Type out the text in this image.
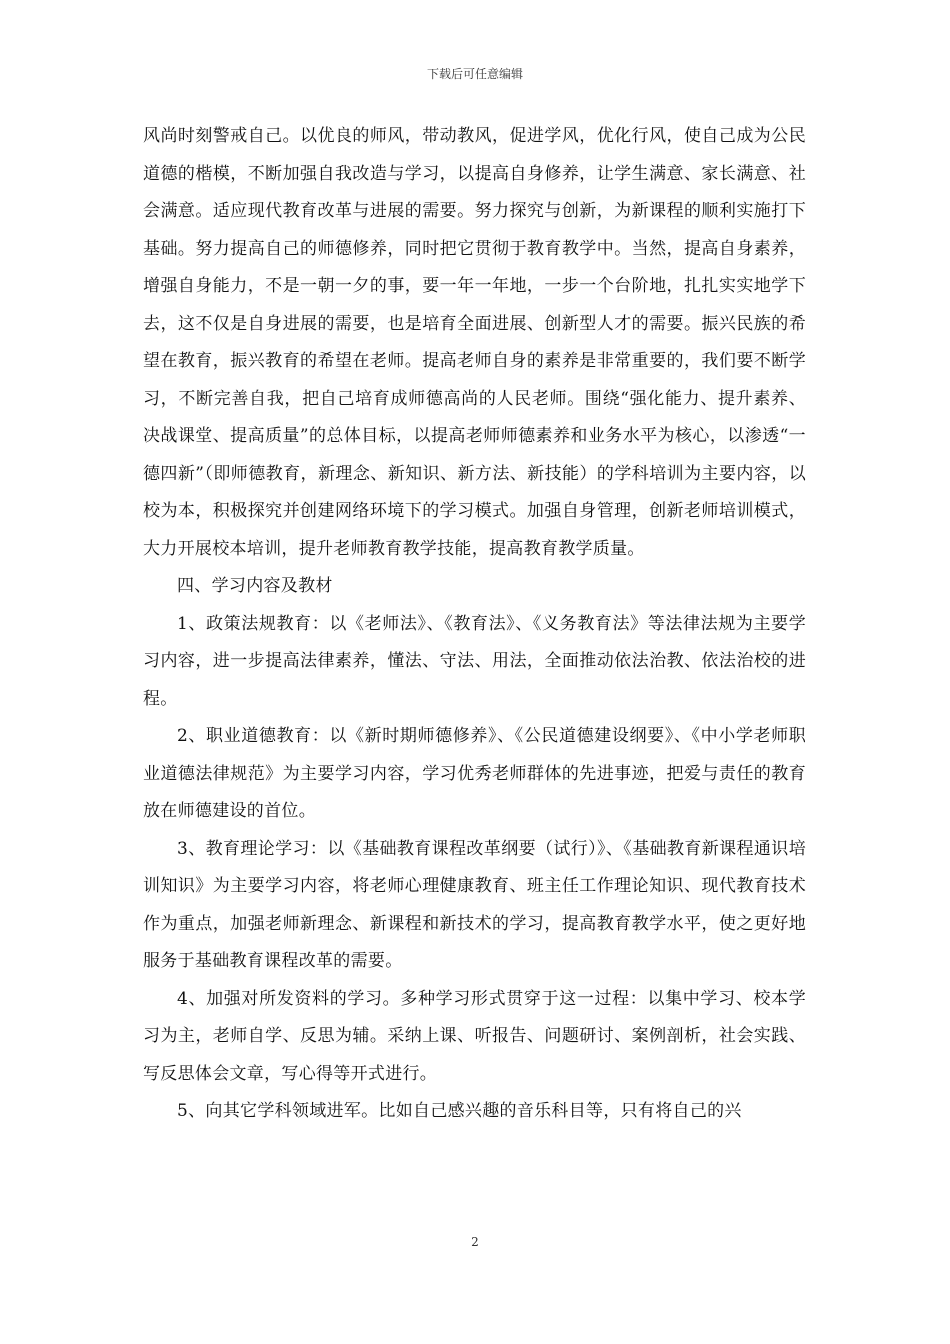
下载后可任意编辑

风尚时刻警戒自己。以优良的师风，带动教风，促进学风，优化行风，使自己成为公民道德的楷模，不断加强自我改造与学习，以提高自身修养，让学生满意、家长满意、社会满意。适应现代教育改革与进展的需要。努力探究与创新，为新课程的顺利实施打下基础。努力提高自己的师德修养，同时把它贯彻于教育教学中。当然，提高自身素养，增强自身能力，不是一朝一夕的事，要一年一年地，一步一个台阶地，扎扎实实地学下去，这不仅是自身进展的需要，也是培育全面进展、创新型人才的需要。振兴民族的希望在教育，振兴教育的希望在老师。提高老师自身的素养是非常重要的，我们要不断学习，不断完善自我，把自己培育成师德高尚的人民老师。围绕“强化能力、提升素养、决战课堂、提高质量”的总体目标，以提高老师师德素养和业务水平为核心，以渗透“一德四新”（即师德教育，新理念、新知识、新方法、新技能）的学科培训为主要内容，以校为本，积极探究并创建网络环境下的学习模式。加强自身管理，创新老师培训模式，大力开展校本培训，提升老师教育教学技能，提高教育教学质量。

四、学习内容及教材

1、政策法规教育：以《老师法》、《教育法》、《义务教育法》等法律法规为主要学习内容，进一步提高法律素养，懂法、守法、用法，全面推动依法治教、依法治校的进程。

2、职业道德教育：以《新时期师德修养》、《公民道德建设纲要》、《中小学老师职业道德法律规范》为主要学习内容，学习优秀老师群体的先进事迹，把爱与责任的教育放在师德建设的首位。

3、教育理论学习：以《基础教育课程改革纲要（试行）》、《基础教育新课程通识培训知识》为主要学习内容，将老师心理健康教育、班主任工作理论知识、现代教育技术作为重点，加强老师新理念、新课程和新技术的学习，提高教育教学水平，使之更好地服务于基础教育课程改革的需要。

4、加强对所发资料的学习。多种学习形式贯穿于这一过程：以集中学习、校本学习为主，老师自学、反思为辅。采纳上课、听报告、问题研讨、案例剖析，社会实践、写反思体会文章，写心得等开式进行。

5、向其它学科领域进军。比如自己感兴趣的音乐科目等，只有将自己的兴

2
